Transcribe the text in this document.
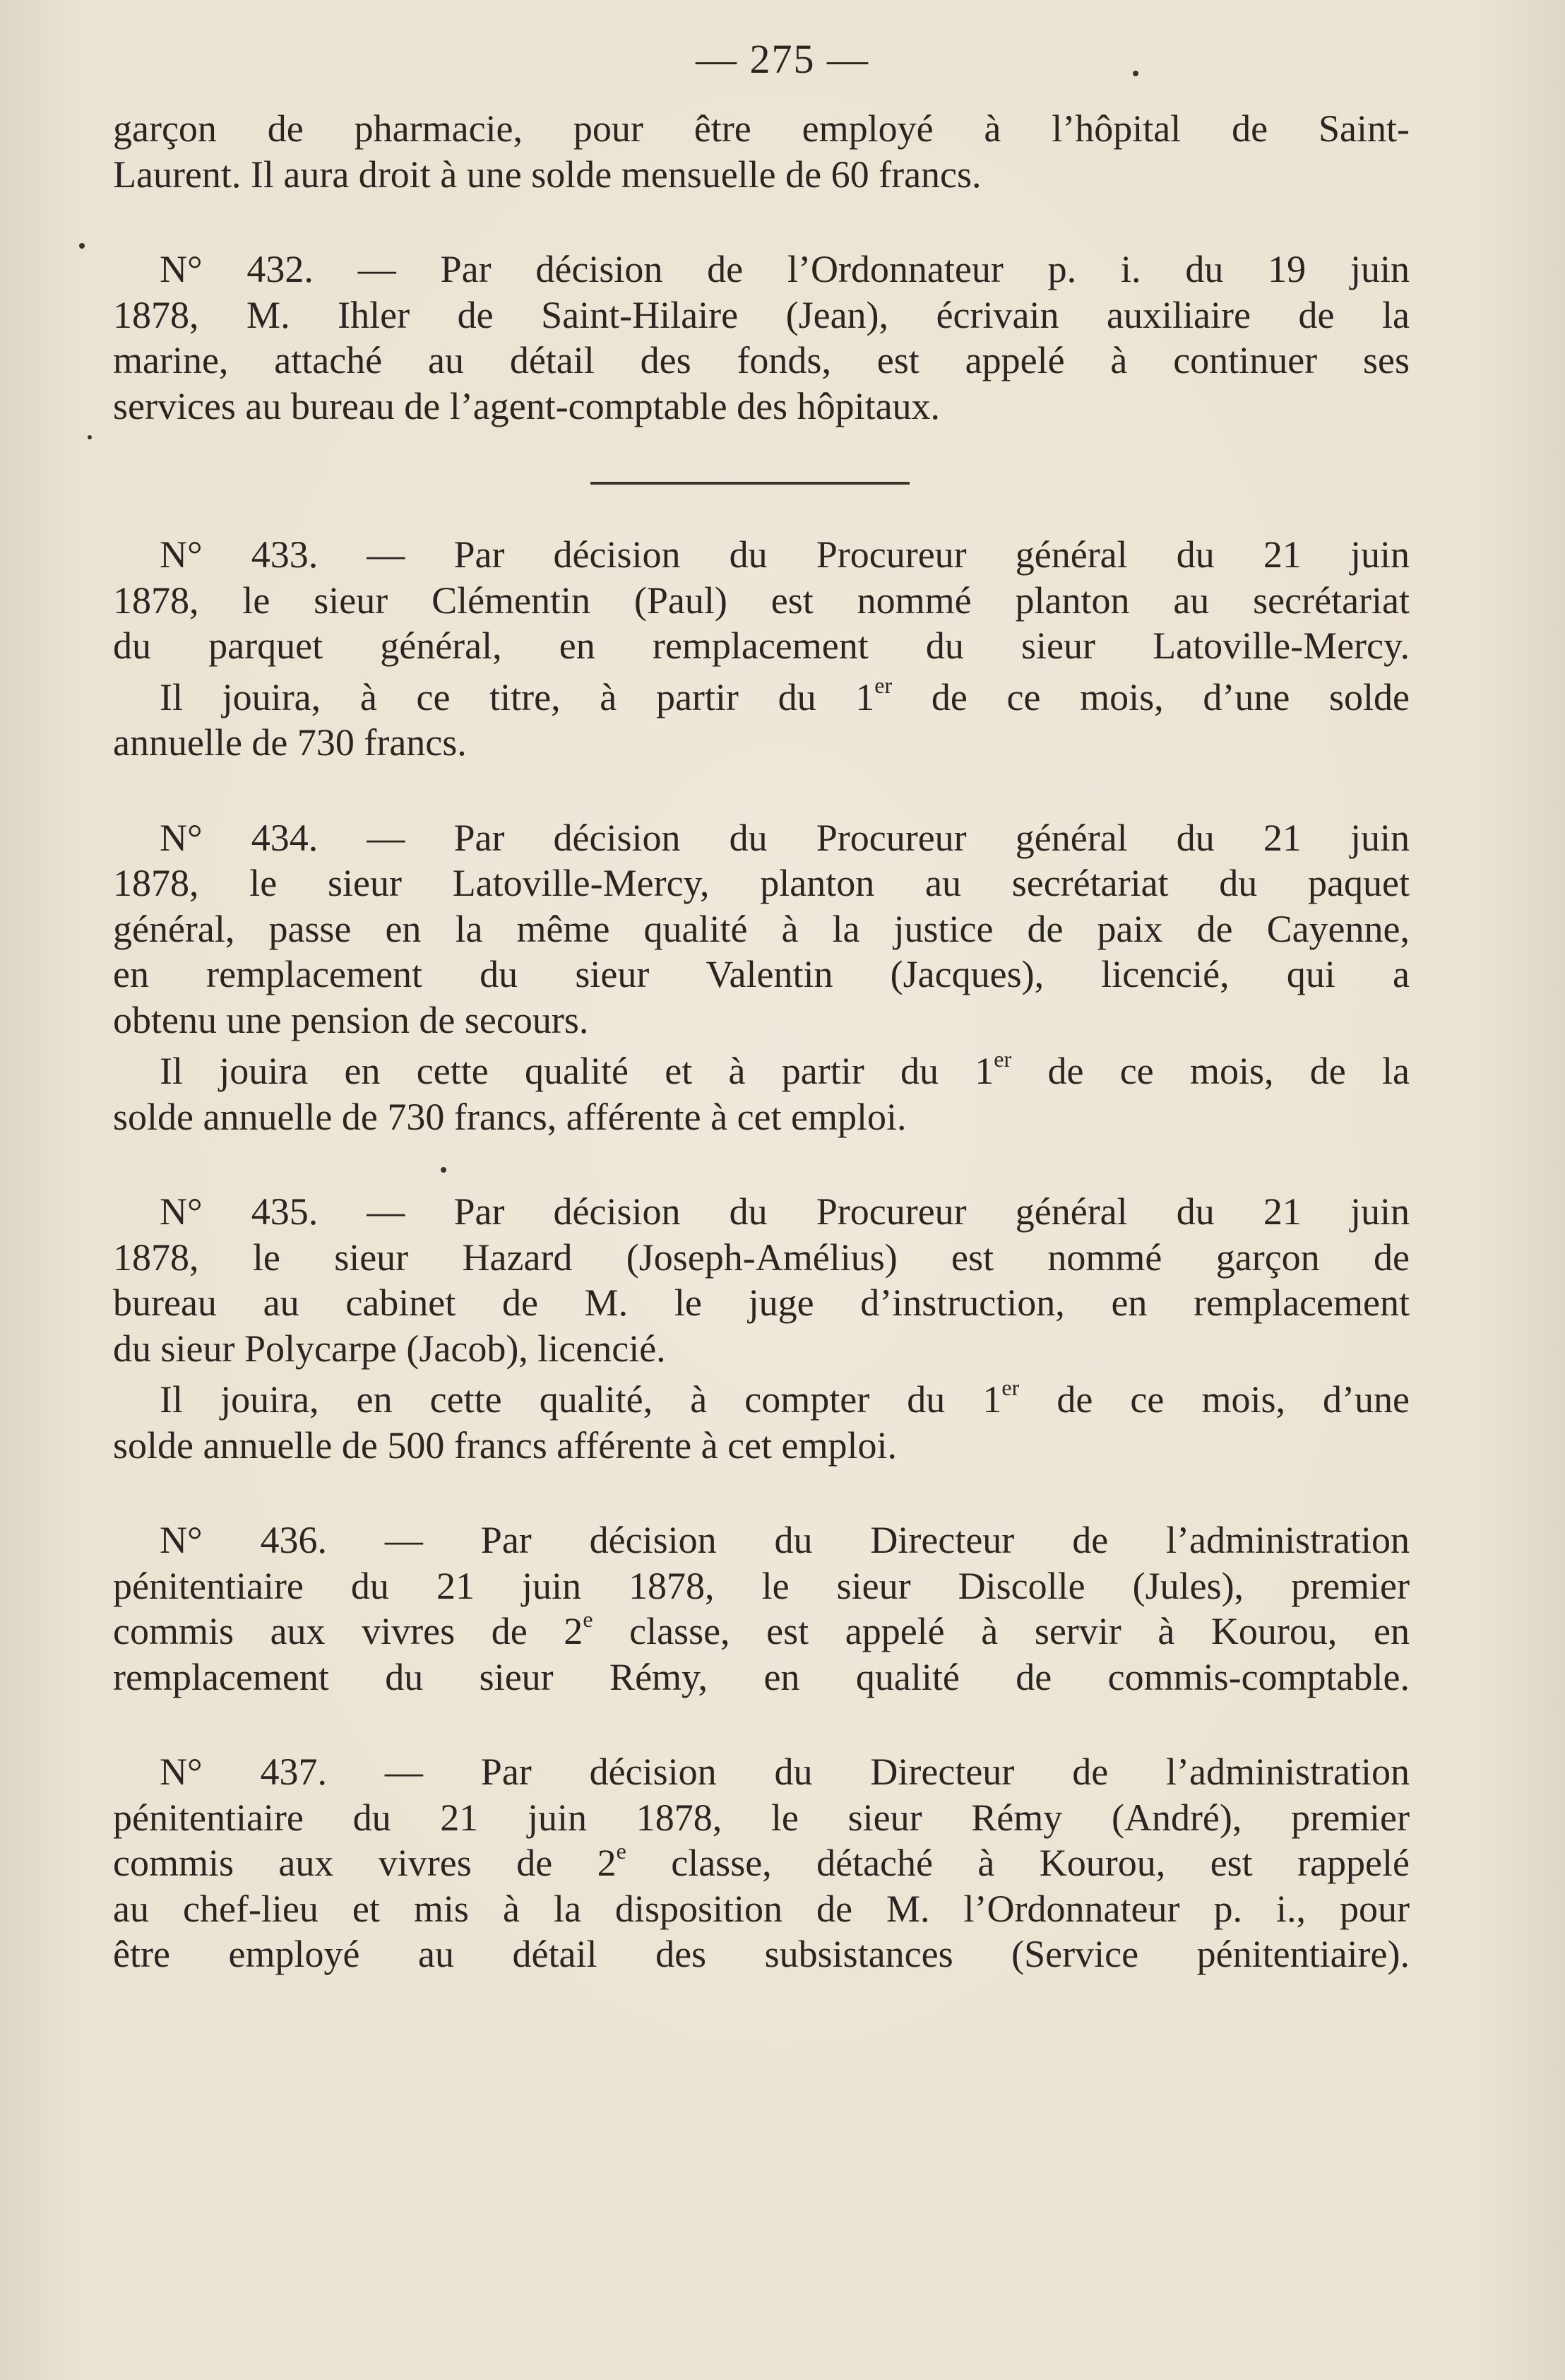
— 275 —
garçon de pharmacie, pour être employé à l’hôpital de Saint-
Laurent. Il aura droit à une solde mensuelle de 60 francs.
N° 432. — Par décision de l’Ordonnateur p. i. du 19 juin
1878, M. Ihler de Saint-Hilaire (Jean), écrivain auxiliaire de la
marine, attaché au détail des fonds, est appelé à continuer ses
services au bureau de l’agent-comptable des hôpitaux.
N° 433. — Par décision du Procureur général du 21 juin
1878, le sieur Clémentin (Paul) est nommé planton au secrétariat
du parquet général, en remplacement du sieur Latoville-Mercy.
Il jouira, à ce titre, à partir du 1er de ce mois, d’une solde
annuelle de 730 francs.
N° 434. — Par décision du Procureur général du 21 juin
1878, le sieur Latoville-Mercy, planton au secrétariat du paquet
général, passe en la même qualité à la justice de paix de Cayenne,
en remplacement du sieur Valentin (Jacques), licencié, qui a
obtenu une pension de secours.
Il jouira en cette qualité et à partir du 1er de ce mois, de la
solde annuelle de 730 francs, afférente à cet emploi.
N° 435. — Par décision du Procureur général du 21 juin
1878, le sieur Hazard (Joseph-Amélius) est nommé garçon de
bureau au cabinet de M. le juge d’instruction, en remplacement
du sieur Polycarpe (Jacob), licencié.
Il jouira, en cette qualité, à compter du 1er de ce mois, d’une
solde annuelle de 500 francs afférente à cet emploi.
N° 436. — Par décision du Directeur de l’administration
pénitentiaire du 21 juin 1878, le sieur Discolle (Jules), premier
commis aux vivres de 2e classe, est appelé à servir à Kourou, en
remplacement du sieur Rémy, en qualité de commis-comptable.
N° 437. — Par décision du Directeur de l’administration
pénitentiaire du 21 juin 1878, le sieur Rémy (André), premier
commis aux vivres de 2e classe, détaché à Kourou, est rappelé
au chef-lieu et mis à la disposition de M. l’Ordonnateur p. i., pour
être employé au détail des subsistances (Service pénitentiaire).
